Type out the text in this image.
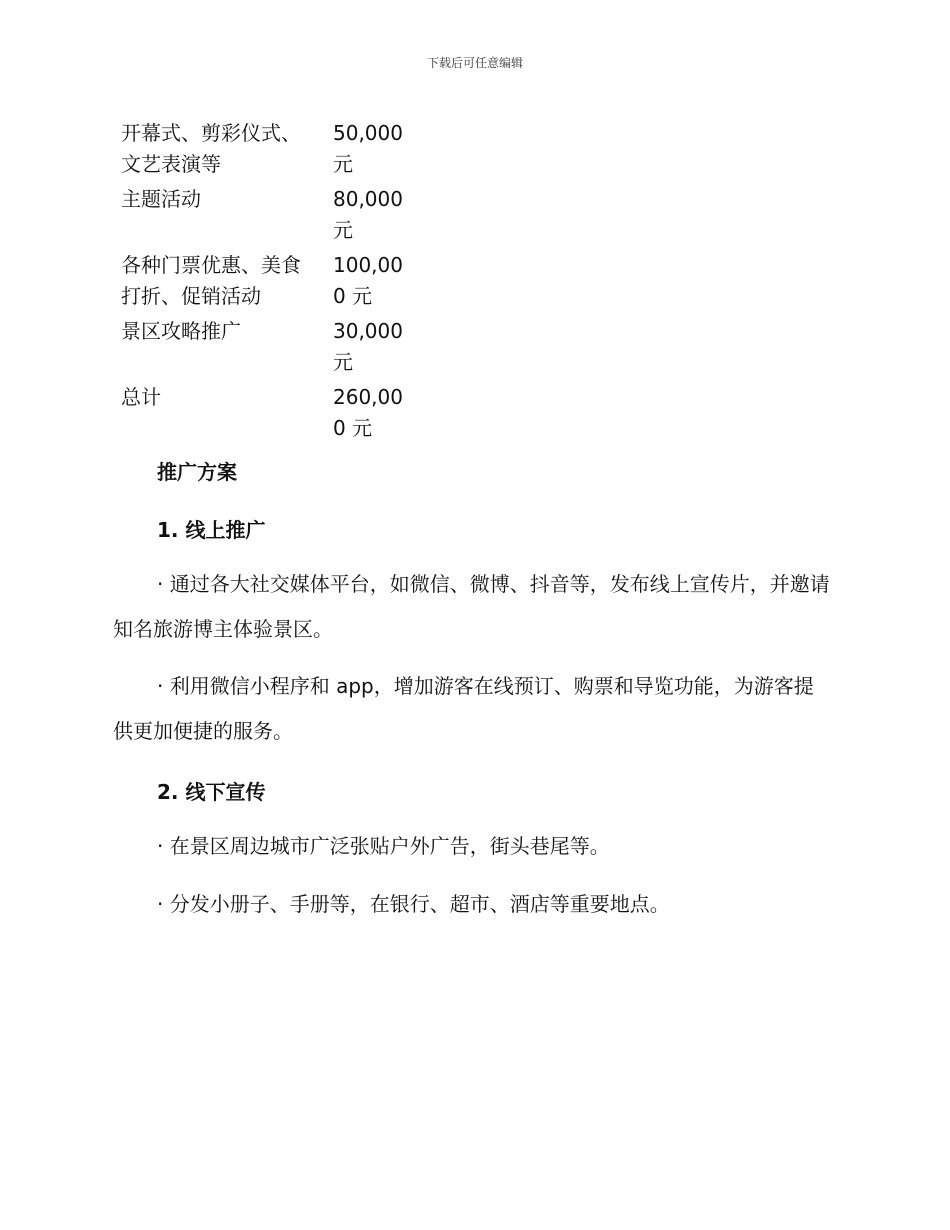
下载后可任意编辑
开幕式、剪彩仪式、文艺表演等	50,000元
主题活动	80,000元
各种门票优惠、美食打折、促销活动	100,000 元
景区攻略推广	30,000元
总计	260,000 元
推广方案
1. 线上推广
· 通过各大社交媒体平台，如微信、微博、抖音等，发布线上宣传片，并邀请知名旅游博主体验景区。
· 利用微信小程序和 app，增加游客在线预订、购票和导览功能，为游客提供更加便捷的服务。
2. 线下宣传
· 在景区周边城市广泛张贴户外广告，街头巷尾等。
· 分发小册子、手册等，在银行、超市、酒店等重要地点。
